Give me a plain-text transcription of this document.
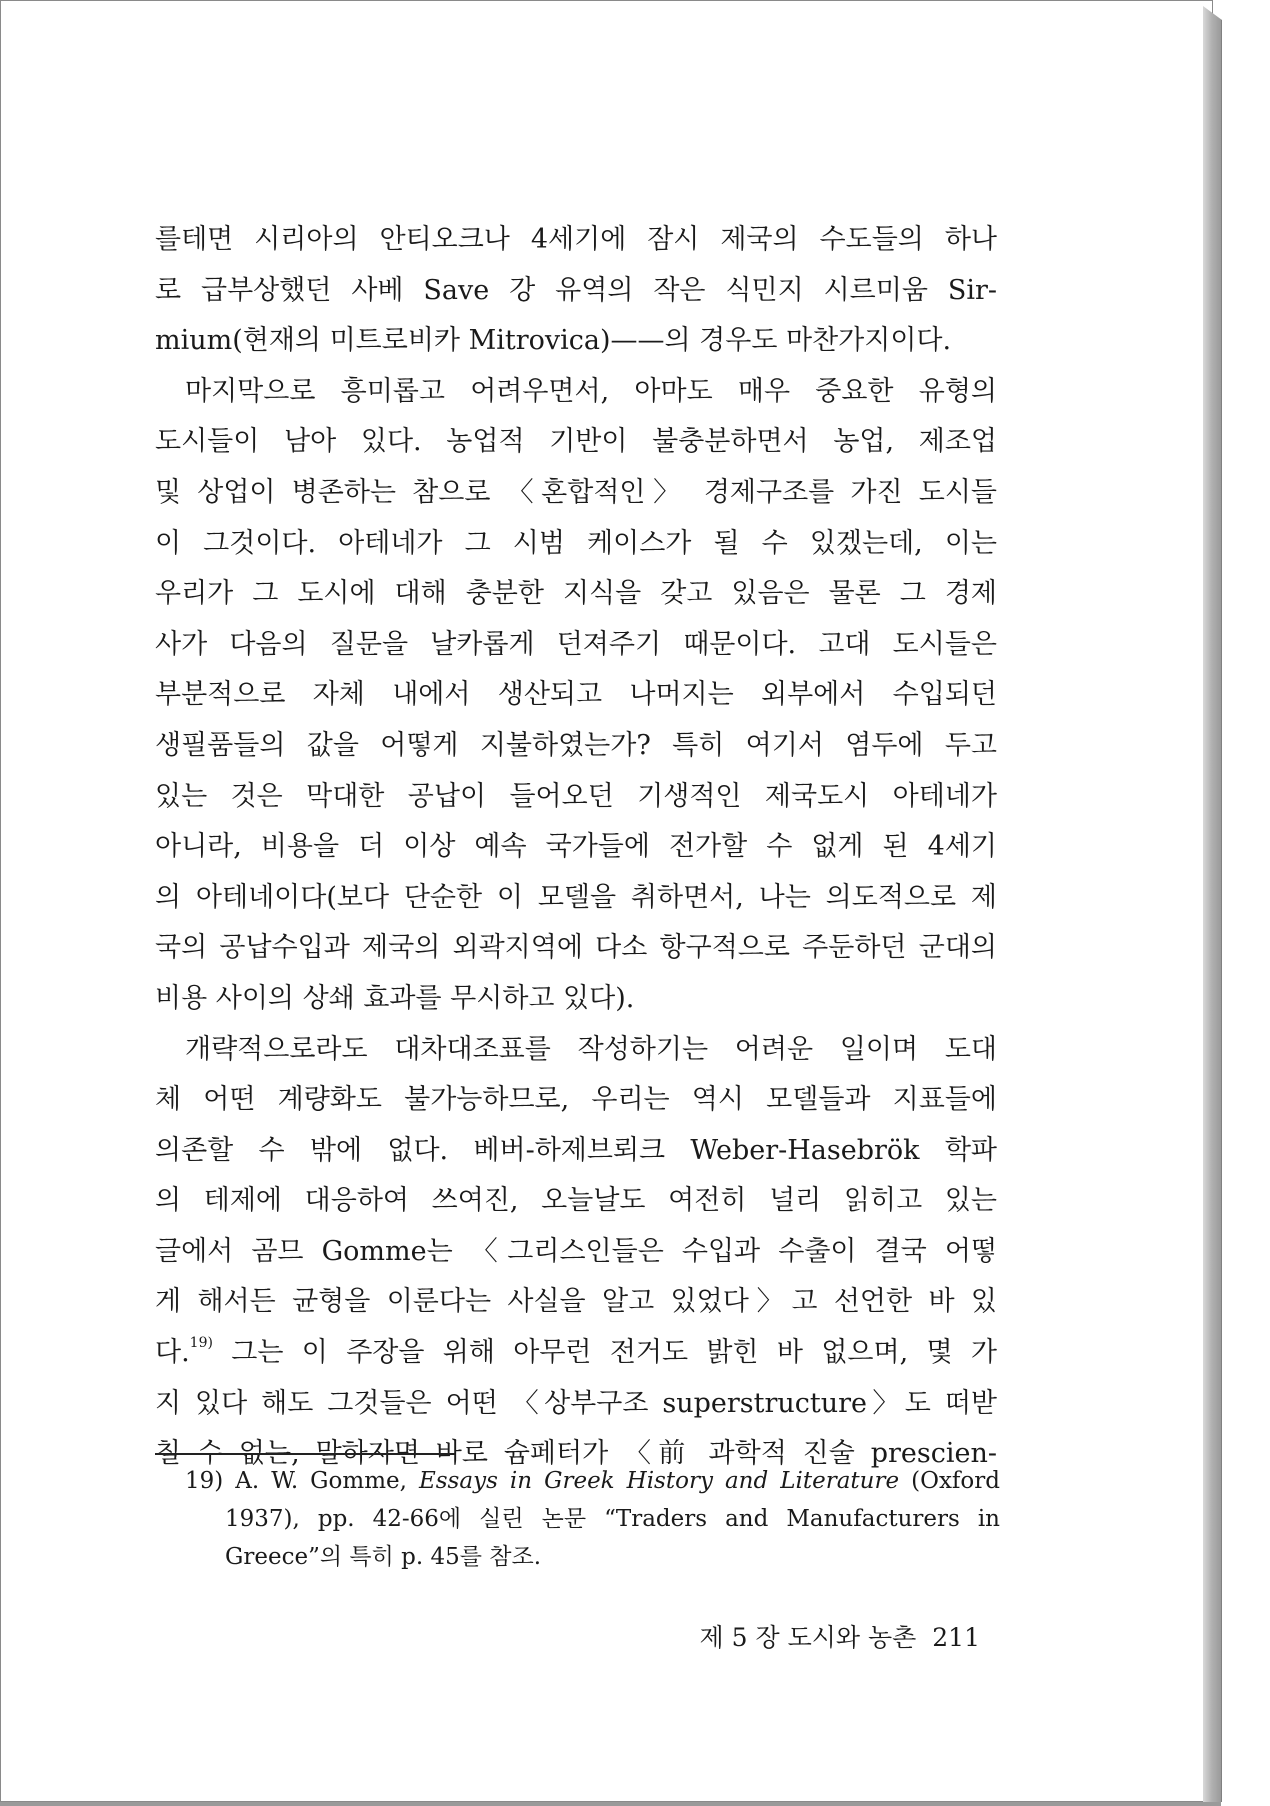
를테면 시리아의 안티오크나 4세기에 잠시 제국의 수도들의 하나
로 급부상했던 사베 Save 강 유역의 작은 식민지 시르미움 Sir-
mium(현재의 미트로비카 Mitrovica)——의 경우도 마찬가지이다.
마지막으로 흥미롭고 어려우면서, 아마도 매우 중요한 유형의
도시들이 남아 있다. 농업적 기반이 불충분하면서 농업, 제조업
및 상업이 병존하는 참으로 〈혼합적인〉 경제구조를 가진 도시들
이 그것이다. 아테네가 그 시범 케이스가 될 수 있겠는데, 이는
우리가 그 도시에 대해 충분한 지식을 갖고 있음은 물론 그 경제
사가 다음의 질문을 날카롭게 던져주기 때문이다. 고대 도시들은
부분적으로 자체 내에서 생산되고 나머지는 외부에서 수입되던
생필품들의 값을 어떻게 지불하였는가? 특히 여기서 염두에 두고
있는 것은 막대한 공납이 들어오던 기생적인 제국도시 아테네가
아니라, 비용을 더 이상 예속 국가들에 전가할 수 없게 된 4세기
의 아테네이다(보다 단순한 이 모델을 취하면서, 나는 의도적으로 제
국의 공납수입과 제국의 외곽지역에 다소 항구적으로 주둔하던 군대의
비용 사이의 상쇄 효과를 무시하고 있다).
개략적으로라도 대차대조표를 작성하기는 어려운 일이며 도대
체 어떤 계량화도 불가능하므로, 우리는 역시 모델들과 지표들에
의존할 수 밖에 없다. 베버-하제브뢰크 Weber-Hasebrök 학파
의 테제에 대응하여 쓰여진, 오늘날도 여전히 널리 읽히고 있는
글에서 곰므 Gomme는 〈그리스인들은 수입과 수출이 결국 어떻
게 해서든 균형을 이룬다는 사실을 알고 있었다〉고 선언한 바 있
다.$^{19)}$ 그는 이 주장을 위해 아무런 전거도 밝힌 바 없으며, 몇 가
지 있다 해도 그것들은 어떤 〈상부구조 superstructure〉도 떠받
칠 수 없는, 말하자면 바로 슘페터가 〈前 과학적 진술 prescien-
19) A. W. Gomme, Essays in Greek History and Literature (Oxford
1937), pp. 42-66에 실린 논문 “Traders and Manufacturers in
Greece”의 특히 p. 45를 참조.
제 5 장 도시와 농촌 211
